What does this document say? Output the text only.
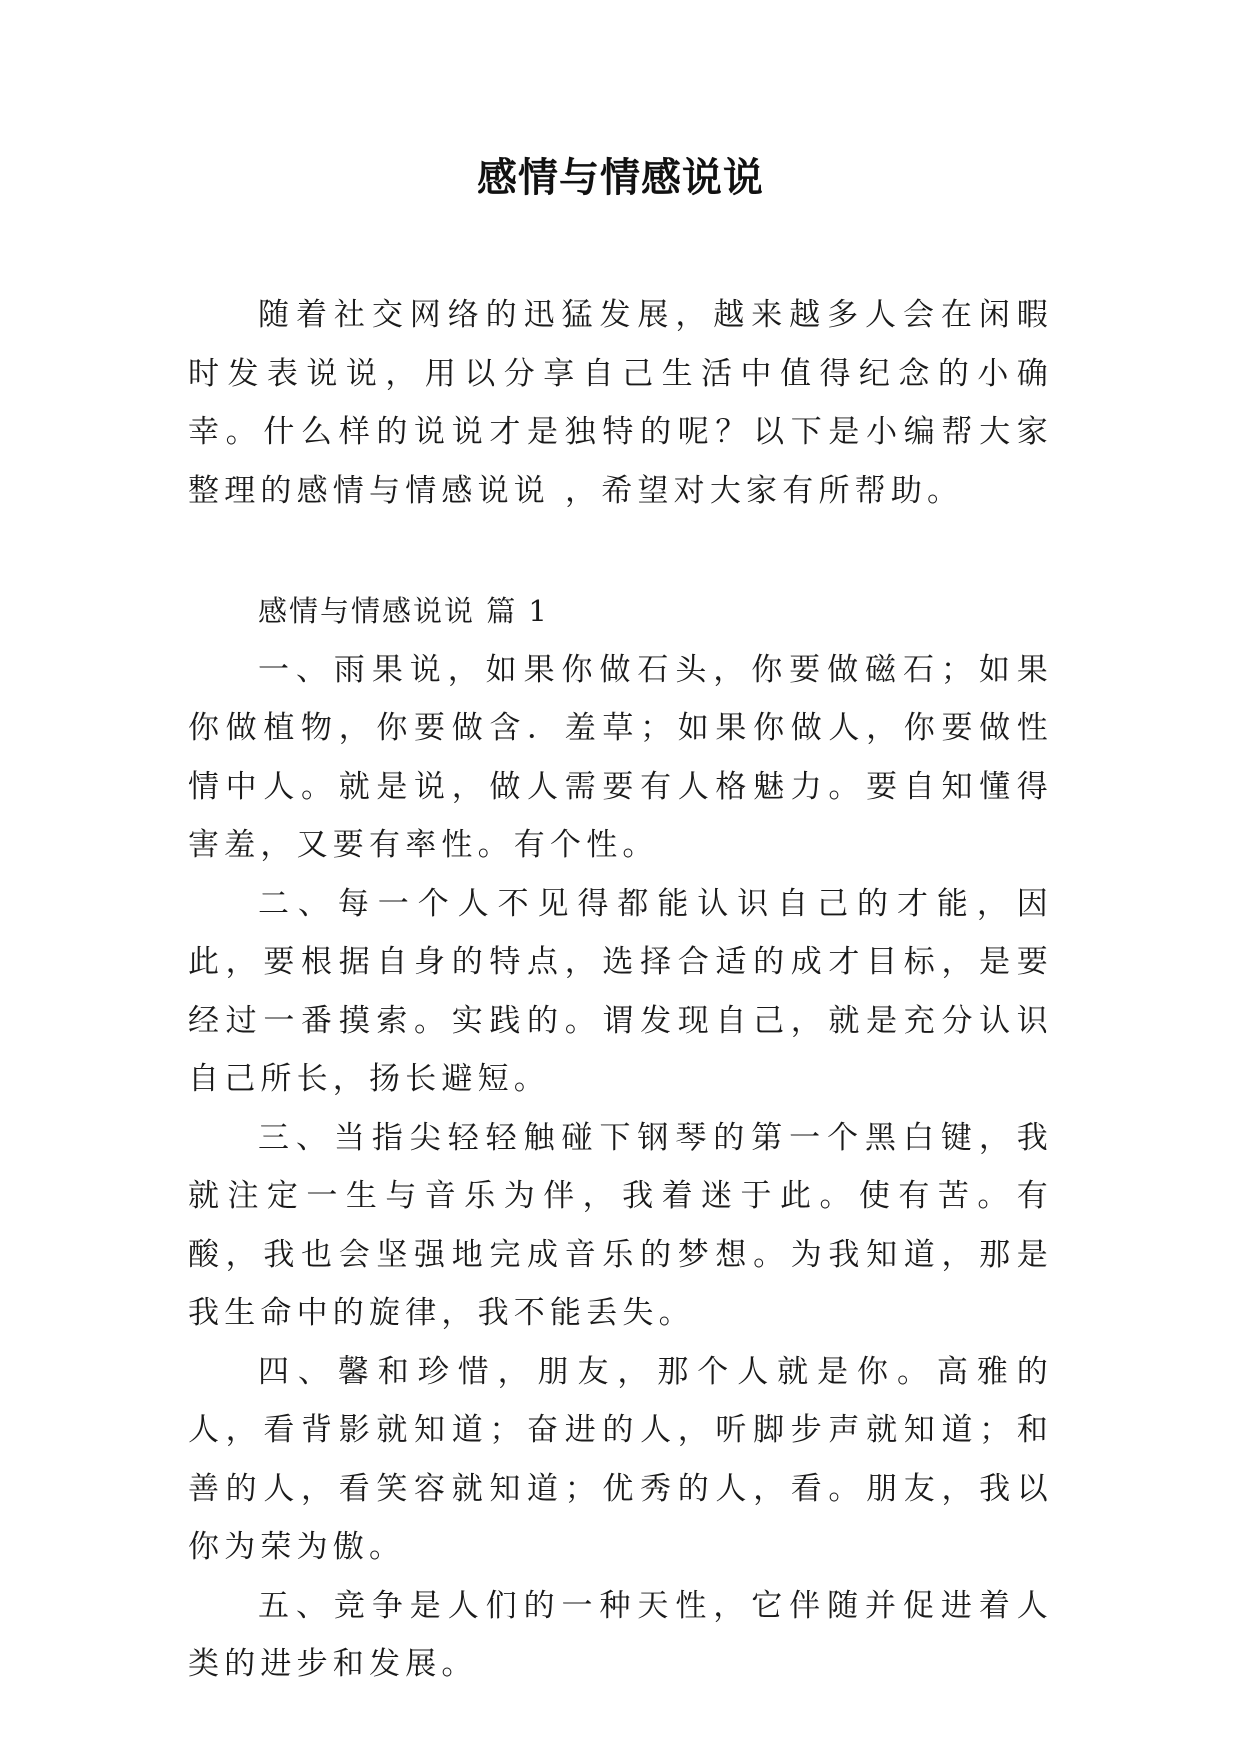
感情与情感说说

随着社交网络的迅猛发展，越来越多人会在闲暇时发表说说，用以分享自己生活中值得纪念的小确幸。什么样的说说才是独特的呢？以下是小编帮大家整理的感情与情感说说 ，希望对大家有所帮助。

感情与情感说说 篇 1

一、雨果说，如果你做石头，你要做磁石；如果你做植物，你要做含．羞草；如果你做人，你要做性情中人。就是说，做人需要有人格魅力。要自知懂得害羞，又要有率性。有个性。

二、每一个人不见得都能认识自己的才能，因此，要根据自身的特点，选择合适的成才目标，是要经过一番摸索。实践的。谓发现自己，就是充分认识自己所长，扬长避短。

三、当指尖轻轻触碰下钢琴的第一个黑白键，我就注定一生与音乐为伴，我着迷于此。使有苦。有酸，我也会坚强地完成音乐的梦想。为我知道，那是我生命中的旋律，我不能丢失。

四、馨和珍惜，朋友，那个人就是你。高雅的人，看背影就知道；奋进的人，听脚步声就知道；和善的人，看笑容就知道；优秀的人，看。朋友，我以你为荣为傲。

五、竞争是人们的一种天性，它伴随并促进着人类的进步和发展。
